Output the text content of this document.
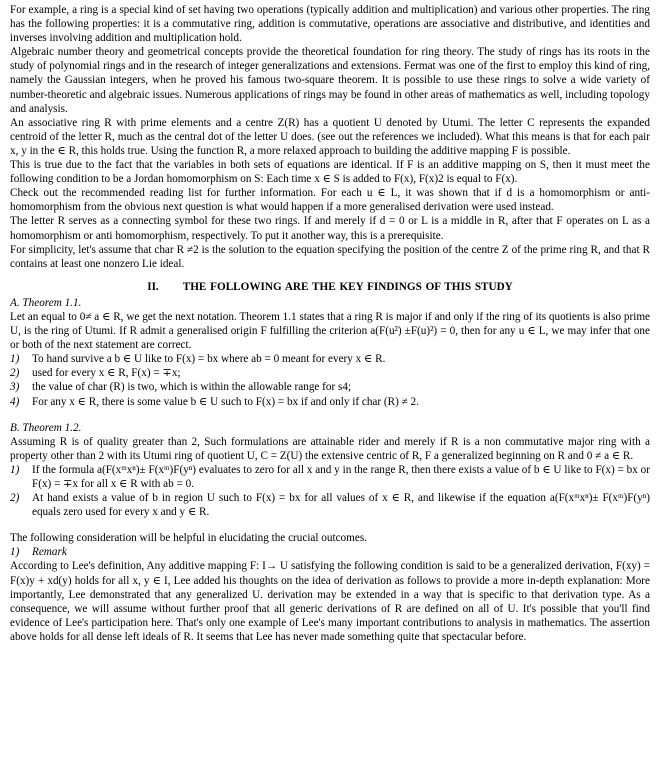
For example, a ring is a special kind of set having two operations (typically addition and multiplication) and various other properties. The ring has the following properties: it is a commutative ring, addition is commutative, operations are associative and distributive, and identities and inverses involving addition and multiplication hold.

Algebraic number theory and geometrical concepts provide the theoretical foundation for ring theory. The study of rings has its roots in the study of polynomial rings and in the research of integer generalizations and extensions. Fermat was one of the first to employ this kind of ring, namely the Gaussian integers, when he proved his famous two-square theorem. It is possible to use these rings to solve a wide variety of number-theoretic and algebraic issues. Numerous applications of rings may be found in other areas of mathematics as well, including topology and analysis.

An associative ring R with prime elements and a centre Z(R) has a quotient U denoted by Utumi. The letter C represents the expanded centroid of the letter R, much as the central dot of the letter U does. (see out the references we included). What this means is that for each pair x, y in the ∈ R, this holds true. Using the function R, a more relaxed approach to building the additive mapping F is possible.

This is true due to the fact that the variables in both sets of equations are identical. If F is an additive mapping on S, then it must meet the following condition to be a Jordan homomorphism on S: Each time x ∈ S is added to F(x), F(x)2 is equal to F(x).

Check out the recommended reading list for further information. For each u ∈ L, it was shown that if d is a homomorphism or anti-homomorphism from the obvious next question is what would happen if a more generalised derivation were used instead.

The letter R serves as a connecting symbol for these two rings. If and merely if d = 0 or L is a middle in R, after that F operates on L as a homomorphism or anti homomorphism, respectively. To put it another way, this is a prerequisite.

For simplicity, let's assume that char R ≠2 is the solution to the equation specifying the position of the centre Z of the prime ring R, and that R contains at least one nonzero Lie ideal.

II. THE FOLLOWING ARE THE KEY FINDINGS OF THIS STUDY

A. Theorem 1.1.

Let an equal to 0≠ a ∈ R, we get the next notation. Theorem 1.1 states that a ring R is major if and only if the ring of its quotients is also prime U, is the ring of Utumi. If R admit a generalised origin F fulfilling the criterion a(F(u²) ±F(u)²) = 0, then for any u ∈ L, we may infer that one or both of the next statement are correct.

1)	To hand survive a b ∈ U like to F(x) = bx where ab = 0 meant for every x ∈ R.
2)	used for every x ∈ R, F(x) = ∓x;
3)	the value of char (R) is two, which is within the allowable range for s4;
4)	For any x ∈ R, there is some value b ∈ U such to F(x) = bx if and only if char (R) ≠ 2.

B. Theorem 1.2.

Assuming R is of quality greater than 2, Such formulations are attainable rider and merely if R is a non commutative major ring with a property other than 2 with its Utumi ring of quotient U, C = Z(U) the extensive centric of R, F a generalized beginning on R and 0 ≠ a ∈ R.

1)	If the formula a(F(xᵐxⁿ)± F(xᵐ)F(yⁿ) evaluates to zero for all x and y in the range R, then there exists a value of b ∈ U like to F(x) = bx or F(x) = ∓x for all x ∈ R with ab = 0.
2)	At hand exists a value of b in region U such to F(x) = bx for all values of x ∈ R, and likewise if the equation a(F(xᵐxⁿ)± F(xᵐ)F(yⁿ) equals zero used for every x and y ∈ R.

The following consideration will be helpful in elucidating the crucial outcomes.

1)	Remark

According to Lee's definition, Any additive mapping F: I→ U satisfying the following condition is said to be a generalized derivation, F(xy) = F(x)y + xd(y) holds for all x, y ∈ I, Lee added his thoughts on the idea of derivation as follows to provide a more in-depth explanation: More importantly, Lee demonstrated that any generalized U. derivation may be extended in a way that is specific to that derivation type. As a consequence, we will assume without further proof that all generic derivations of R are defined on all of U. It's possible that you'll find evidence of Lee's participation here. That's only one example of Lee's many important contributions to analysis in mathematics. The assertion above holds for all dense left ideals of R. It seems that Lee has never made something quite that spectacular before.
